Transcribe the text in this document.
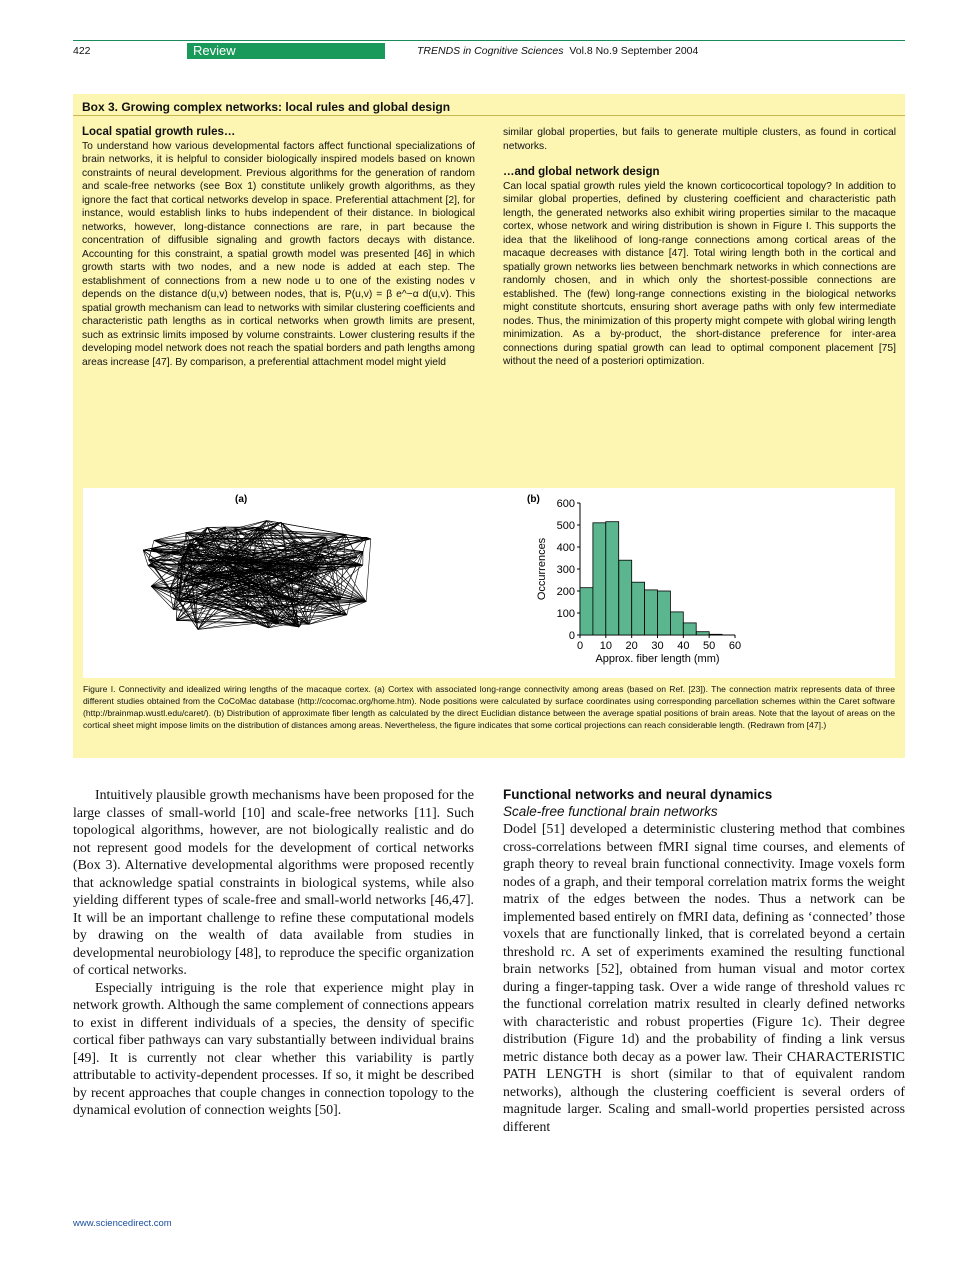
422	Review	TRENDS in Cognitive Sciences Vol.8 No.9 September 2004
Box 3. Growing complex networks: local rules and global design
Local spatial growth rules…

To understand how various developmental factors affect functional specializations of brain networks, it is helpful to consider biologically inspired models based on known constraints of neural development. Previous algorithms for the generation of random and scale-free networks (see Box 1) constitute unlikely growth algorithms, as they ignore the fact that cortical networks develop in space. Preferential attachment [2], for instance, would establish links to hubs independent of their distance. In biological networks, however, long-distance connections are rare, in part because the concentration of diffusible signaling and growth factors decays with distance. Accounting for this constraint, a spatial growth model was presented [46] in which growth starts with two nodes, and a new node is added at each step. The establishment of connections from a new node u to one of the existing nodes v depends on the distance d(u,v) between nodes, that is, P(u,v) = β e^−α d(u,v). This spatial growth mechanism can lead to networks with similar clustering coefficients and characteristic path lengths as in cortical networks when growth limits are present, such as extrinsic limits imposed by volume constraints. Lower clustering results if the developing model network does not reach the spatial borders and path lengths among areas increase [47]. By comparison, a preferential attachment model might yield

similar global properties, but fails to generate multiple clusters, as found in cortical networks.

…and global network design

Can local spatial growth rules yield the known corticocortical topology? In addition to similar global properties, defined by clustering coefficient and characteristic path length, the generated networks also exhibit wiring properties similar to the macaque cortex, whose network and wiring distribution is shown in Figure I. This supports the idea that the likelihood of long-range connections among cortical areas of the macaque decreases with distance [47]. Total wiring length both in the cortical and spatially grown networks lies between benchmark networks in which connections are randomly chosen, and in which only the shortest-possible connections are established. The (few) long-range connections existing in the biological networks might constitute shortcuts, ensuring short average paths with only few intermediate nodes. Thus, the minimization of this property might compete with global wiring length minimization. As a by-product, the short-distance preference for inter-area connections during spatial growth can lead to optimal component placement [75] without the need of a posteriori optimization.

(a)	(b)
0
100
200
300
400
500
600
0 10 20 30 40 50 60
Approx. fiber length (mm)
Occurrences
Figure I. Connectivity and idealized wiring lengths of the macaque cortex. (a) Cortex with associated long-range connectivity among areas (based on Ref. [23]). The connection matrix represents data of three different studies obtained from the CoCoMac database (http://cocomac.org/home.htm). Node positions were calculated by surface coordinates using corresponding parcellation schemes within the Caret software (http://brainmap.wustl.edu/caret/). (b) Distribution of approximate fiber length as calculated by the direct Euclidian distance between the average spatial positions of brain areas. Note that the layout of areas on the cortical sheet might impose limits on the distribution of distances among areas. Nevertheless, the figure indicates that some cortical projections can reach considerable length. (Redrawn from [47].)

Intuitively plausible growth mechanisms have been proposed for the large classes of small-world [10] and scale-free networks [11]. Such topological algorithms, however, are not biologically realistic and do not represent good models for the development of cortical networks (Box 3). Alternative developmental algorithms were proposed recently that acknowledge spatial constraints in biological systems, while also yielding different types of scale-free and small-world networks [46,47]. It will be an important challenge to refine these computational models by drawing on the wealth of data available from studies in developmental neurobiology [48], to reproduce the specific organization of cortical networks.

Especially intriguing is the role that experience might play in network growth. Although the same complement of connections appears to exist in different individuals of a species, the density of specific cortical fiber pathways can vary substantially between individual brains [49]. It is currently not clear whether this variability is partly attributable to activity-dependent processes. If so, it might be described by recent approaches that couple changes in connection topology to the dynamical evolution of connection weights [50].

Functional networks and neural dynamics
Scale-free functional brain networks

Dodel [51] developed a deterministic clustering method that combines cross-correlations between fMRI signal time courses, and elements of graph theory to reveal brain functional connectivity. Image voxels form nodes of a graph, and their temporal correlation matrix forms the weight matrix of the edges between the nodes. Thus a network can be implemented based entirely on fMRI data, defining as ‘connected’ those voxels that are functionally linked, that is correlated beyond a certain threshold rc. A set of experiments examined the resulting functional brain networks [52], obtained from human visual and motor cortex during a finger-tapping task. Over a wide range of threshold values rc the functional correlation matrix resulted in clearly defined networks with characteristic and robust properties (Figure 1c). Their degree distribution (Figure 1d) and the probability of finding a link versus metric distance both decay as a power law. Their CHARACTERISTIC PATH LENGTH is short (similar to that of equivalent random networks), although the clustering coefficient is several orders of magnitude larger. Scaling and small-world properties persisted across different

www.sciencedirect.com
